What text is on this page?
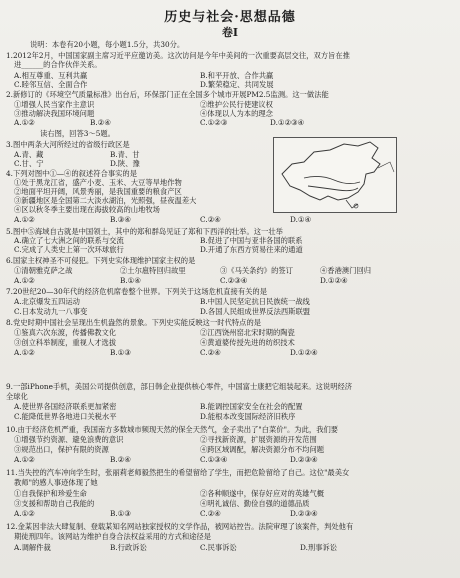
历史与社会·思想品德
卷Ⅰ
说明：本卷有20小题，每小题1.5分，共30分。
1.2012年2月，中国国家副主席习近平应邀访美。这次访问是今年中美间的一次重要高层交往，双方旨在推
进______的合作伙伴关系。
A.相互尊重、互利共赢	B.和平开放、合作共赢
C.睦邻互信、全面合作	D.繁荣稳定、共同发展
2.新修订的《环境空气质量标准》出台后，环保部门正在全国多个城市开展PM2.5监测。这一做法能
①增强人民当家作主意识	②维护公民行使建议权
③推动解决我国环境问题	④体现以人为本的理念
A.①②	B.②④	C.①②③	D.①②③④
读右图，回答3～5题。
3.图中两条大河所经过的省级行政区是
A.青、藏	B.青、甘
C.甘、宁	D.陕、豫
4.下列对图中①—④的叙述符合事实的是
①处于黑龙江省，盛产小麦、玉米、大豆等旱地作物
②地面平坦开阔，风景秀丽，是我国重要的粮食产区
③新疆地区是全国第二大淡水湖泊，光照强，昼夜温差大
④区以秋冬季主要出现在海拔较高的山地牧场
A.①②	B.③④	C.②④	D.①④
5.图中⑤海域自古就是中国领土，其中的郑和群岛见证了郑和下西洋的壮举。这一壮举
A.确立了七大洲之间的联系与交流	B.促进了中国与亚非各国的联系
C.完成了人类史上第一次环球旅行	D.开通了东西方贸易往来的通道
6.国家主权神圣不可侵犯。下列史实体现维护国家主权的是
①清朝雅克萨之战	②土尔扈特回归故里	③《马关条约》的签订	④香港澳门回归
A.①②	B.①④	C.②③④	D.①②④
7.20世纪20—30年代的经济危机席卷整个世界。下列关于这场危机直接有关的是
A.北京爆发五四运动	B.中国人民坚定抗日民族统一战线
C.日本发动九一八事变	D.各国人民组成世界反法西斯联盟
8.党史时期中国社会呈现出生机盎然的景象。下列史实能反映这一时代特点的是
①鉴真六次东渡，传播佛教文化	②江西饶州窑北宋时期的陶瓷
③创立科举制度，重视人才选拔	④黄道婆传授先进的纺织技术
A.①②	B.①③	C.②④	D.①②④
9.一部iPhone手机，美国公司提供创意，部日韩企业提供核心零件，中国富士康把它组装起来。这说明经济
全球化
A.使世界各国经济联系更加紧密	B.能调控国家安全在社会的配置
C.能降低世界各地进口关税水平	D.能根本改变国际经济旧秩序
10.由于经济危机严重，我国南方多数城市频现天然的保全天然气，金子卖出了"白菜价"。为此，我们要
①增强节约资源、避免浪费的意识	②寻找新资源，扩展资源的开发范围
③规范出口，保护有限的资源	④跨区域调配，解决资源分布不均问题
A.①②	B.②④	C.①③④	D.②③④
11.当失控的汽车冲向学生时，张丽莉老师毅然把生的希望留给了学生，而把危险留给了自己。这位"最美女
教师"的感人事迹体现了她
①自我保护和珍爱生命	②各种顺遂中，保存好应对的英雄气概
③支援和帮助自己我能的	④明礼诚信、勤俭自强的道德品质
A.①②	B.①③	C.②④	D.②③④
12.金某因非法大肆复制、登载某知名网站独家授权的文学作品，被网站控告。法院审理了该案件，判处他有
期徒刑四年。该网站为维护自身合法权益采用的方式和途径是
A.调解件裁	B.行政诉讼	C.民事诉讼	D.刑事诉讼
